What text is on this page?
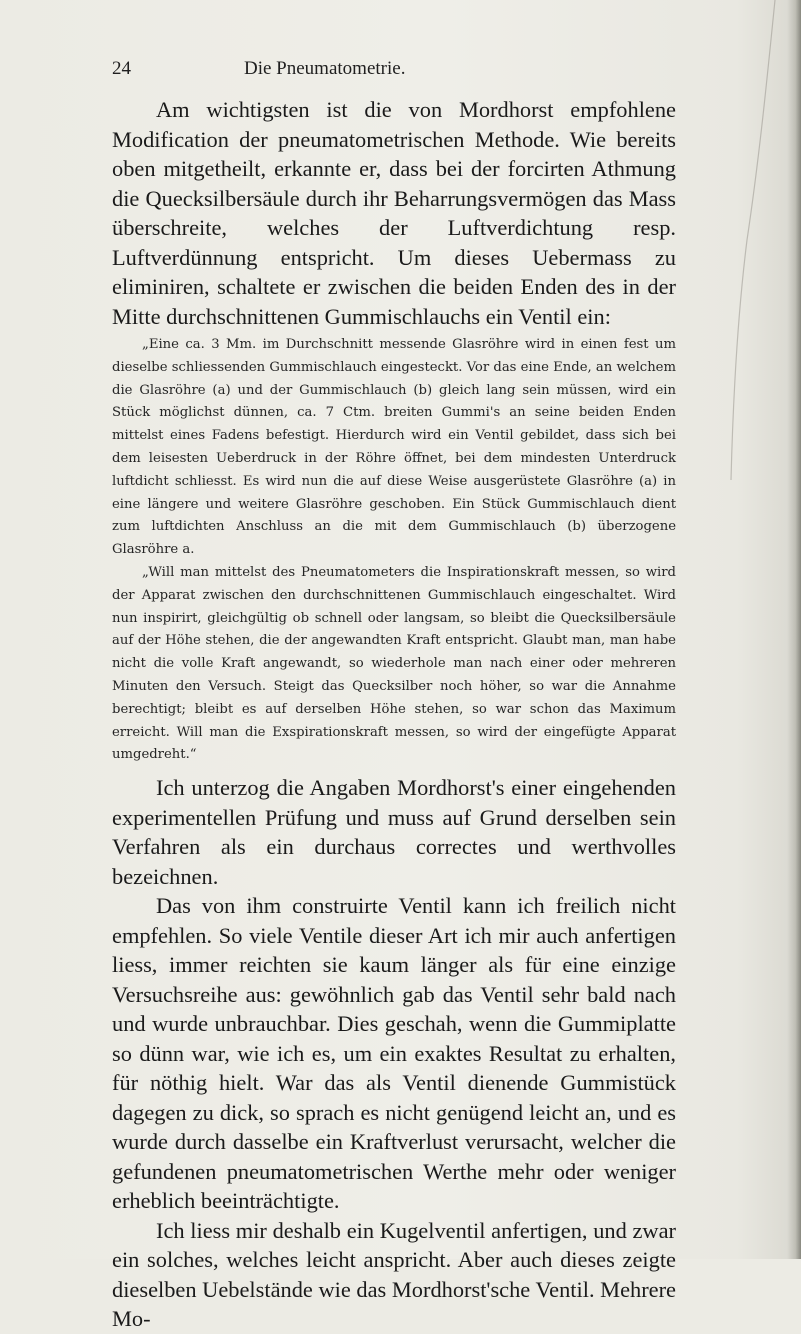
24	Die Pneumatometrie.

Am wichtigsten ist die von Mordhorst empfohlene Modification der pneumatometrischen Methode. Wie bereits oben mitgetheilt, erkannte er, dass bei der forcirten Athmung die Quecksilbersäule durch ihr Beharrungsvermögen das Mass überschreite, welches der Luftverdichtung resp. Luftverdünnung entspricht. Um dieses Uebermass zu eliminiren, schaltete er zwischen die beiden Enden des in der Mitte durchschnittenen Gummischlauchs ein Ventil ein:

„Eine ca. 3 Mm. im Durchschnitt messende Glasröhre wird in einen fest um dieselbe schliessenden Gummischlauch eingesteckt. Vor das eine Ende, an welchem die Glasröhre (a) und der Gummischlauch (b) gleich lang sein müssen, wird ein Stück möglichst dünnen, ca. 7 Ctm. breiten Gummi's an seine beiden Enden mittelst eines Fadens befestigt. Hierdurch wird ein Ventil gebildet, dass sich bei dem leisesten Ueberdruck in der Röhre öffnet, bei dem mindesten Unterdruck luftdicht schliesst. Es wird nun die auf diese Weise ausgerüstete Glasröhre (a) in eine längere und weitere Glasröhre geschoben. Ein Stück Gummischlauch dient zum luftdichten Anschluss an die mit dem Gummischlauch (b) überzogene Glasröhre a.

„Will man mittelst des Pneumatometers die Inspirationskraft messen, so wird der Apparat zwischen den durchschnittenen Gummischlauch eingeschaltet. Wird nun inspirirt, gleichgültig ob schnell oder langsam, so bleibt die Quecksilbersäule auf der Höhe stehen, die der angewandten Kraft entspricht. Glaubt man, man habe nicht die volle Kraft angewandt, so wiederhole man nach einer oder mehreren Minuten den Versuch. Steigt das Quecksilber noch höher, so war die Annahme berechtigt; bleibt es auf derselben Höhe stehen, so war schon das Maximum erreicht. Will man die Exspirationskraft messen, so wird der eingefügte Apparat umgedreht.“

Ich unterzog die Angaben Mordhorst's einer eingehenden experimentellen Prüfung und muss auf Grund derselben sein Verfahren als ein durchaus correctes und werthvolles bezeichnen.

Das von ihm construirte Ventil kann ich freilich nicht empfehlen. So viele Ventile dieser Art ich mir auch anfertigen liess, immer reichten sie kaum länger als für eine einzige Versuchsreihe aus: gewöhnlich gab das Ventil sehr bald nach und wurde unbrauchbar. Dies geschah, wenn die Gummiplatte so dünn war, wie ich es, um ein exaktes Resultat zu erhalten, für nöthig hielt. War das als Ventil dienende Gummistück dagegen zu dick, so sprach es nicht genügend leicht an, und es wurde durch dasselbe ein Kraftverlust verursacht, welcher die gefundenen pneumatometrischen Werthe mehr oder weniger erheblich beeinträchtigte.

Ich liess mir deshalb ein Kugelventil anfertigen, und zwar ein solches, welches leicht anspricht. Aber auch dieses zeigte dieselben Uebelstände wie das Mordhorst'sche Ventil. Mehrere Mo-
